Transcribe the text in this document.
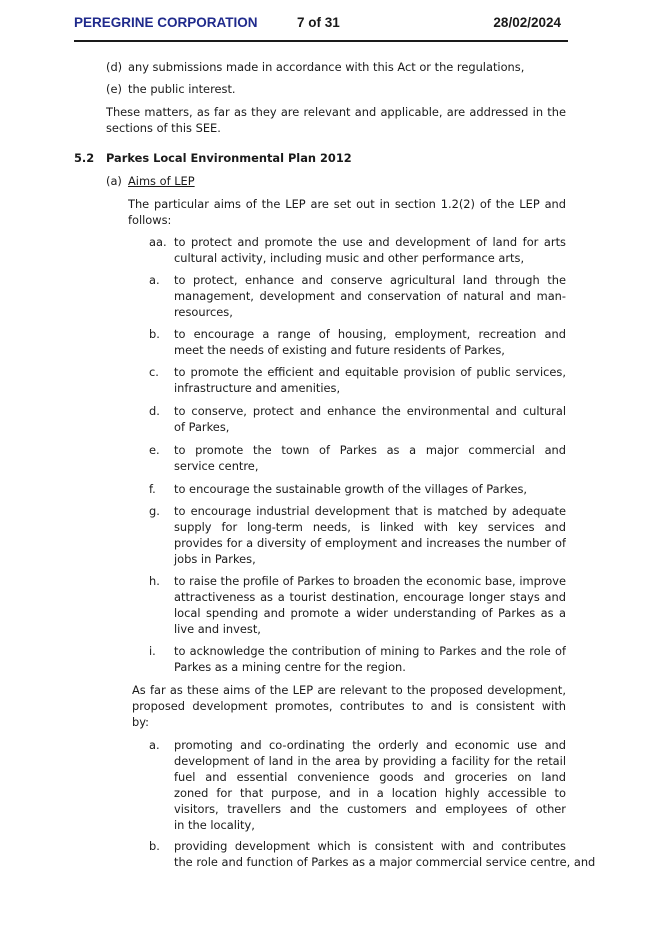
PEREGRINE CORPORATION	7 of 31	28/02/2024
(d) any submissions made in accordance with this Act or the regulations,
(e) the public interest.
These matters, as far as they are relevant and applicable, are addressed in the
sections of this SEE.
5.2 Parkes Local Environmental Plan 2012
(a) Aims of LEP
The particular aims of the LEP are set out in section 1.2(2) of the LEP and
follows:
aa. to protect and promote the use and development of land for arts
cultural activity, including music and other performance arts,
a. to protect, enhance and conserve agricultural land through the
management, development and conservation of natural and man-
resources,
b. to encourage a range of housing, employment, recreation and
meet the needs of existing and future residents of Parkes,
c. to promote the efficient and equitable provision of public services,
infrastructure and amenities,
d. to conserve, protect and enhance the environmental and cultural
of Parkes,
e. to promote the town of Parkes as a major commercial and
service centre,
f. to encourage the sustainable growth of the villages of Parkes,
g. to encourage industrial development that is matched by adequate
supply for long-term needs, is linked with key services and
provides for a diversity of employment and increases the number of
jobs in Parkes,
h. to raise the profile of Parkes to broaden the economic base, improve
attractiveness as a tourist destination, encourage longer stays and
local spending and promote a wider understanding of Parkes as a
live and invest,
i. to acknowledge the contribution of mining to Parkes and the role of
Parkes as a mining centre for the region.
As far as these aims of the LEP are relevant to the proposed development,
proposed development promotes, contributes to and is consistent with
by:
a. promoting and co-ordinating the orderly and economic use and
development of land in the area by providing a facility for the retail
fuel and essential convenience goods and groceries on land
zoned for that purpose, and in a location highly accessible to
visitors, travellers and the customers and employees of other
in the locality,
b. providing development which is consistent with and contributes
the role and function of Parkes as a major commercial service centre, and
